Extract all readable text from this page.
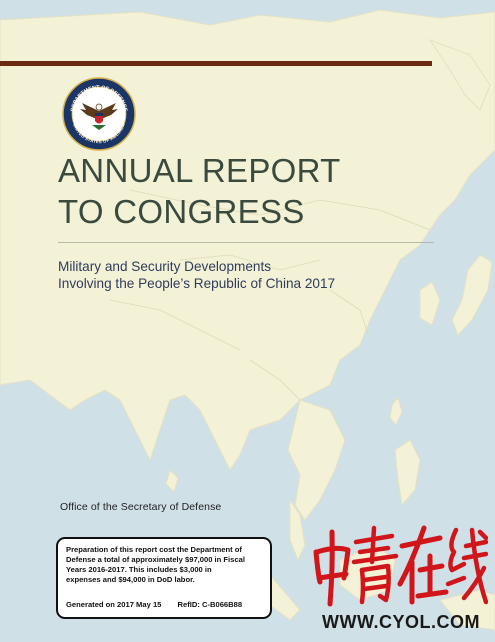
DEPARTMENT OF DEFENSE
UNITED STATES OF AMERICA
ANNUAL REPORT
TO CONGRESS
Military and Security Developments
Involving the People’s Republic of China 2017
Office of the Secretary of Defense
Preparation of this report cost the Department of
Defense a total of approximately $97,000 in Fiscal
Years 2016-2017. This includes $3,000 in
expenses and $94,000 in DoD labor.
Generated on 2017 May 15 RefID: C-B066B88
WWW.CYOL.COM
